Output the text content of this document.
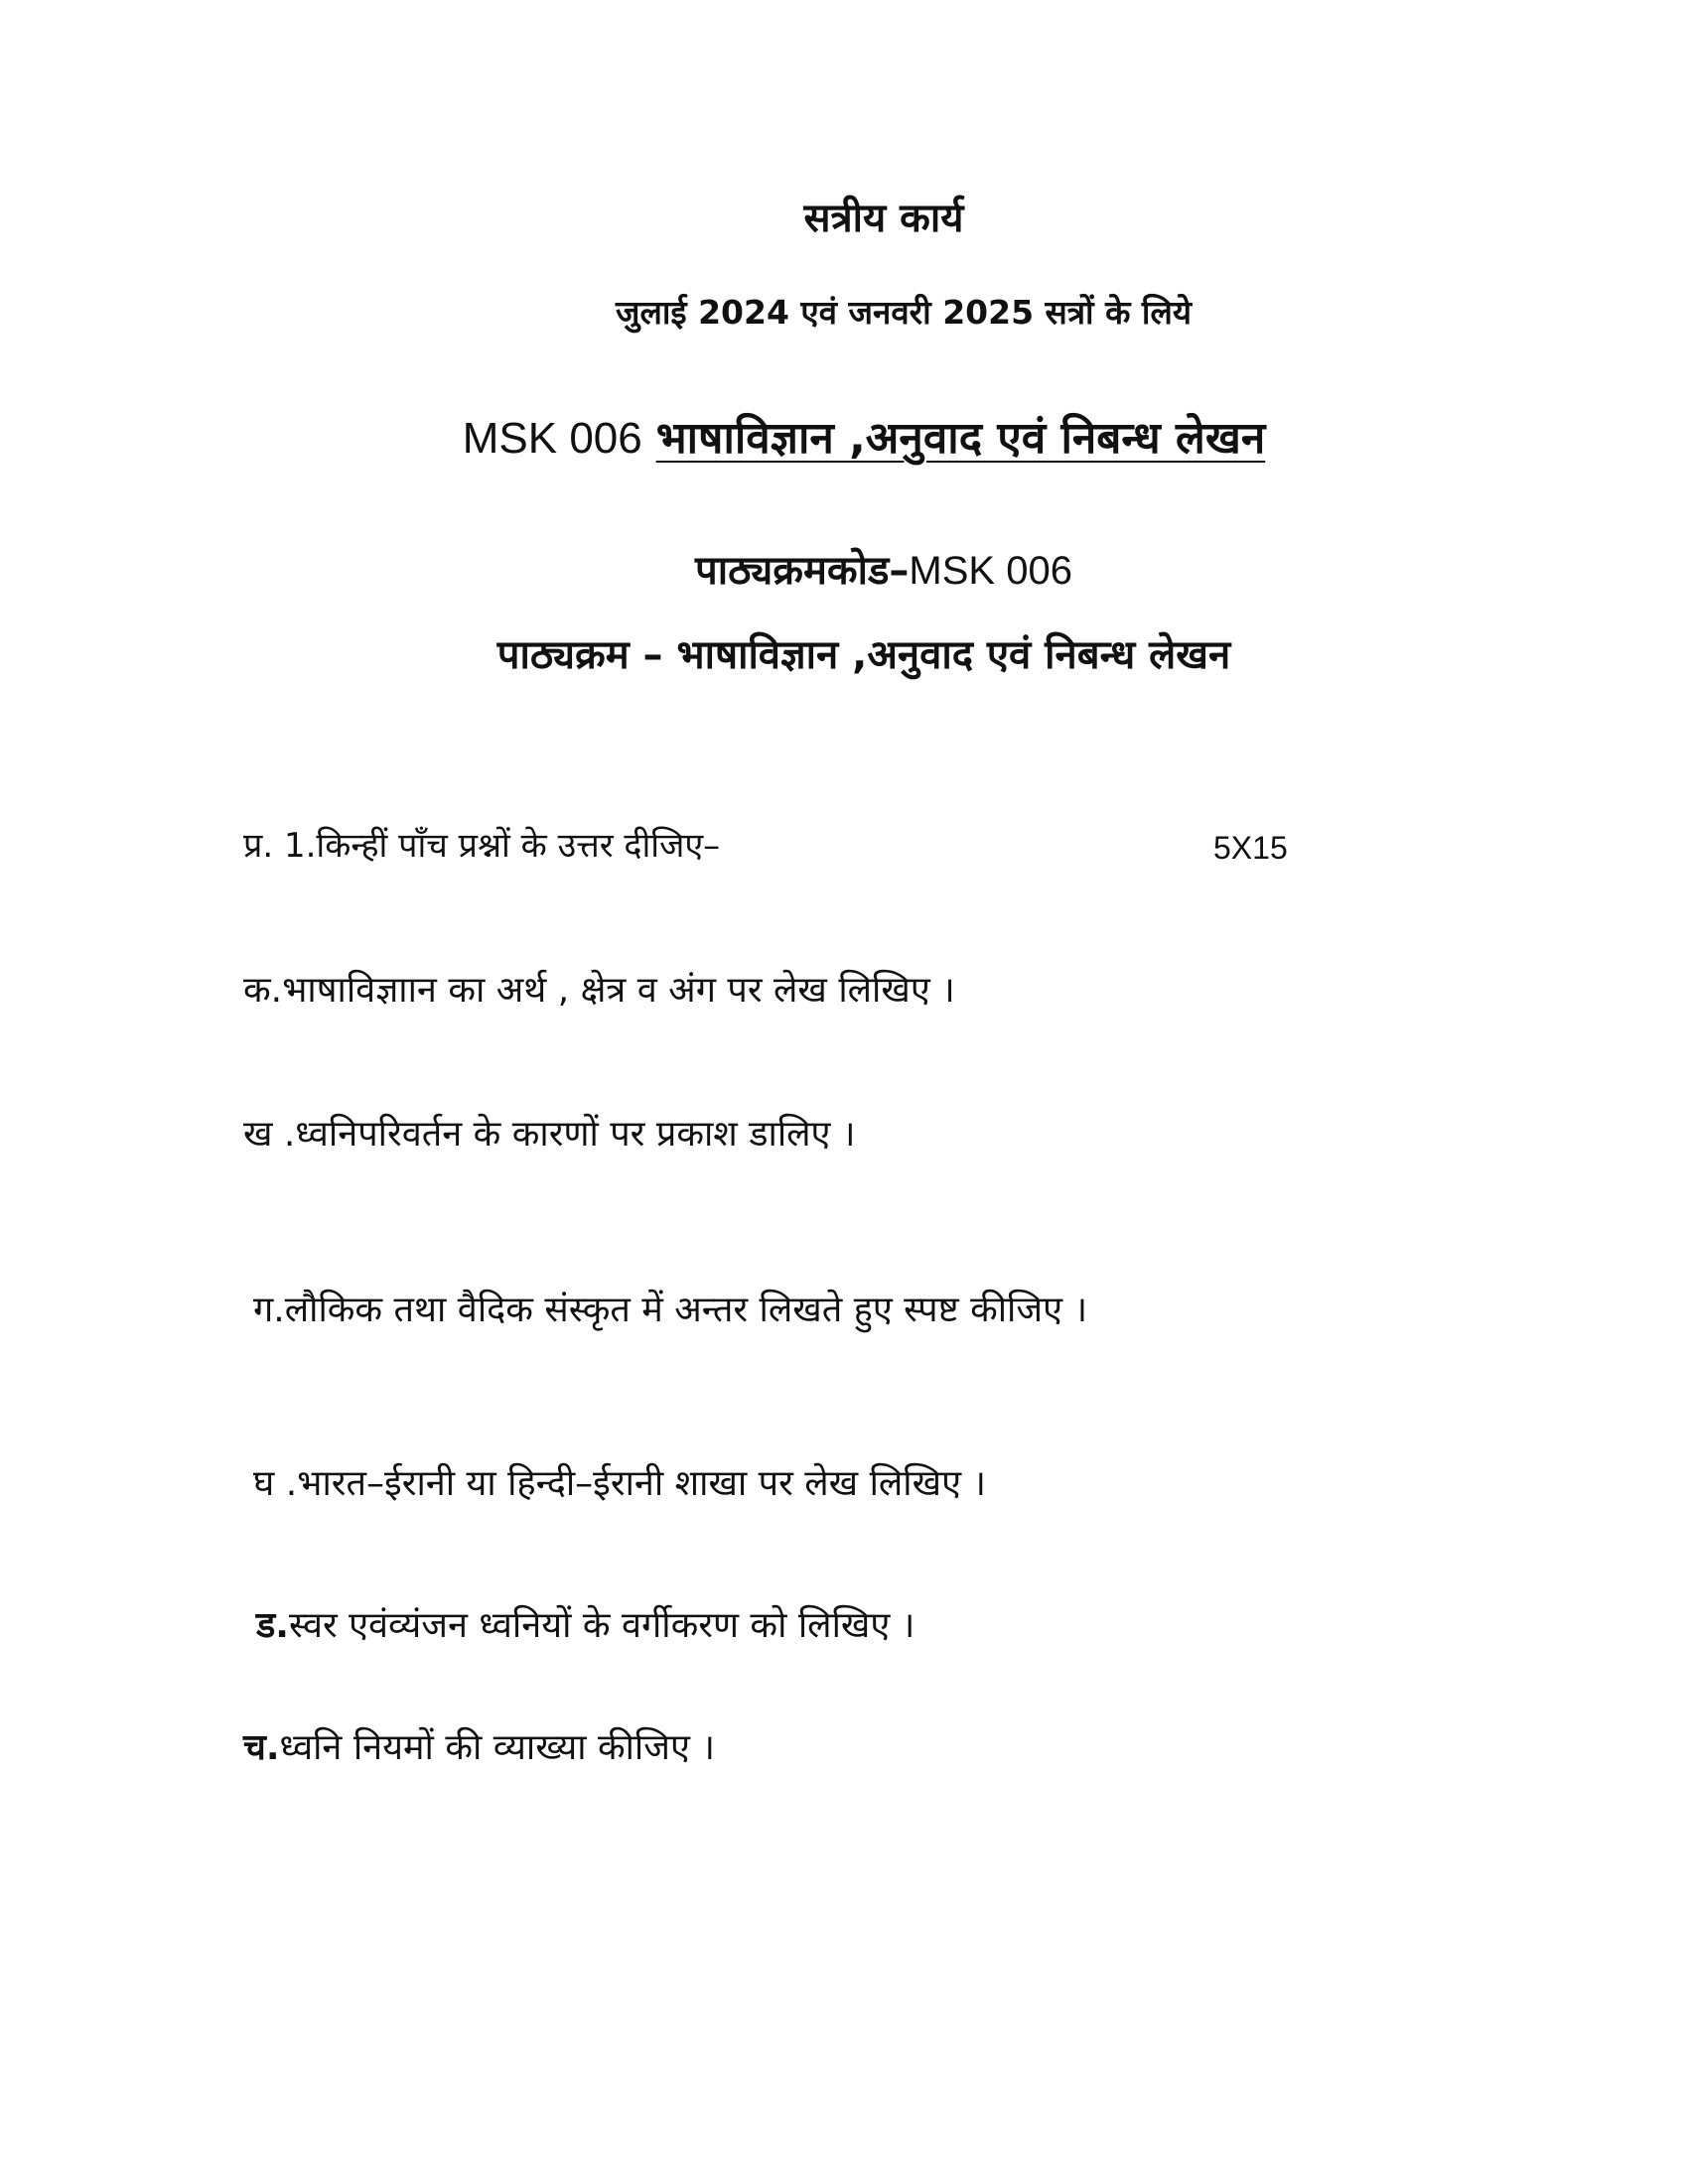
सत्रीय कार्य
जुलाई 2024 एवं जनवरी 2025 सत्रों के लिये
MSK 006 भाषाविज्ञान ,अनुवाद एवं निबन्ध लेखन
पाठ्यक्रमकोड–MSK 006
पाठ्यक्रम – भाषाविज्ञान ,अनुवाद एवं निबन्ध लेखन
प्र. 1.किन्हीं पाँच प्रश्नों के उत्तर दीजिए–	5X15
क.भाषाविज्ञाान का अर्थ , क्षेत्र व अंग पर लेख लिखिए ।
ख .ध्वनिपरिवर्तन के कारणों पर प्रकाश डालिए ।
ग.लौकिक तथा वैदिक संस्कृत में अन्तर लिखते हुए स्पष्ट कीजिए ।
घ .भारत–ईरानी या हिन्दी–ईरानी शाखा पर लेख लिखिए ।
ड.स्वर एवंव्यंजन ध्वनियों के वर्गीकरण को लिखिए ।
च.ध्वनि नियमों की व्याख्या कीजिए ।
